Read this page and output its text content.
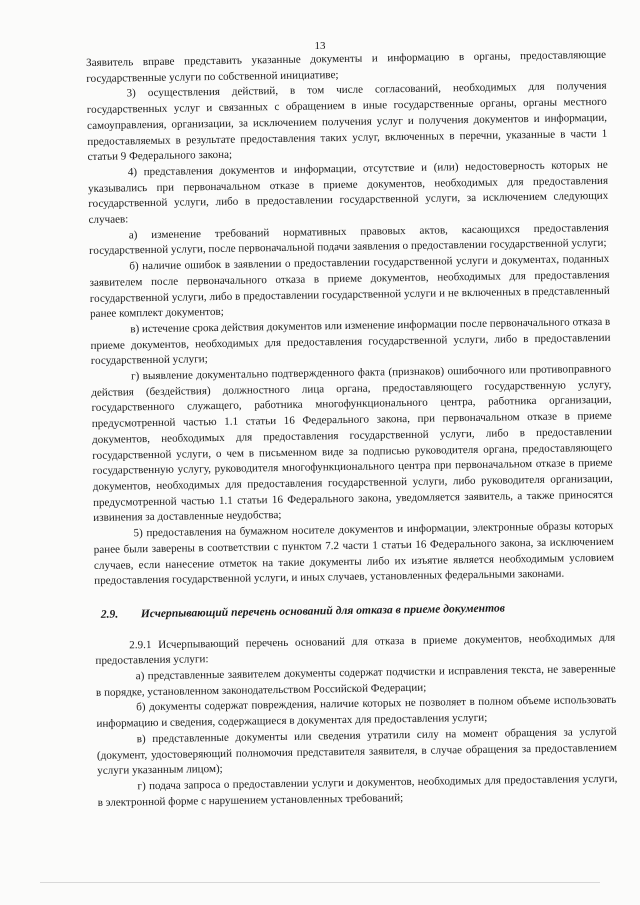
13

Заявитель вправе представить указанные документы и информацию в органы, предоставляющие государственные услуги по собственной инициативе;

3) осуществления действий, в том числе согласований, необходимых для получения государственных услуг и связанных с обращением в иные государственные органы, органы местного самоуправления, организации, за исключением получения услуг и получения документов и информации, предоставляемых в результате предоставления таких услуг, включенных в перечни, указанные в части 1 статьи 9 Федерального закона;

4) представления документов и информации, отсутствие и (или) недостоверность которых не указывались при первоначальном отказе в приеме документов, необходимых для предоставления государственной услуги, либо в предоставлении государственной услуги, за исключением следующих случаев:

а) изменение требований нормативных правовых актов, касающихся предоставления государственной услуги, после первоначальной подачи заявления о предоставлении государственной услуги;

б) наличие ошибок в заявлении о предоставлении государственной услуги и документах, поданных заявителем после первоначального отказа в приеме документов, необходимых для предоставления государственной услуги, либо в предоставлении государственной услуги и не включенных в представленный ранее комплект документов;

в) истечение срока действия документов или изменение информации после первоначального отказа в приеме документов, необходимых для предоставления государственной услуги, либо в предоставлении государственной услуги;

г) выявление документально подтвержденного факта (признаков) ошибочного или противоправного действия (бездействия) должностного лица органа, предоставляющего государственную услугу, государственного служащего, работника многофункционального центра, работника организации, предусмотренной частью 1.1 статьи 16 Федерального закона, при первоначальном отказе в приеме документов, необходимых для предоставления государственной услуги, либо в предоставлении государственной услуги, о чем в письменном виде за подписью руководителя органа, предоставляющего государственную услугу, руководителя многофункционального центра при первоначальном отказе в приеме документов, необходимых для предоставления государственной услуги, либо руководителя организации, предусмотренной частью 1.1 статьи 16 Федерального закона, уведомляется заявитель, а также приносятся извинения за доставленные неудобства;

5) предоставления на бумажном носителе документов и информации, электронные образы которых ранее были заверены в соответствии с пунктом 7.2 части 1 статьи 16 Федерального закона, за исключением случаев, если нанесение отметок на такие документы либо их изъятие является необходимым условием предоставления государственной услуги, и иных случаев, установленных федеральными законами.

2.9. Исчерпывающий перечень оснований для отказа в приеме документов

2.9.1 Исчерпывающий перечень оснований для отказа в приеме документов, необходимых для предоставления услуги:

а) представленные заявителем документы содержат подчистки и исправления текста, не заверенные в порядке, установленном законодательством Российской Федерации;

б) документы содержат повреждения, наличие которых не позволяет в полном объеме использовать информацию и сведения, содержащиеся в документах для предоставления услуги;

в) представленные документы или сведения утратили силу на момент обращения за услугой (документ, удостоверяющий полномочия представителя заявителя, в случае обращения за предоставлением услуги указанным лицом);

г) подача запроса о предоставлении услуги и документов, необходимых для предоставления услуги, в электронной форме с нарушением установленных требований;
